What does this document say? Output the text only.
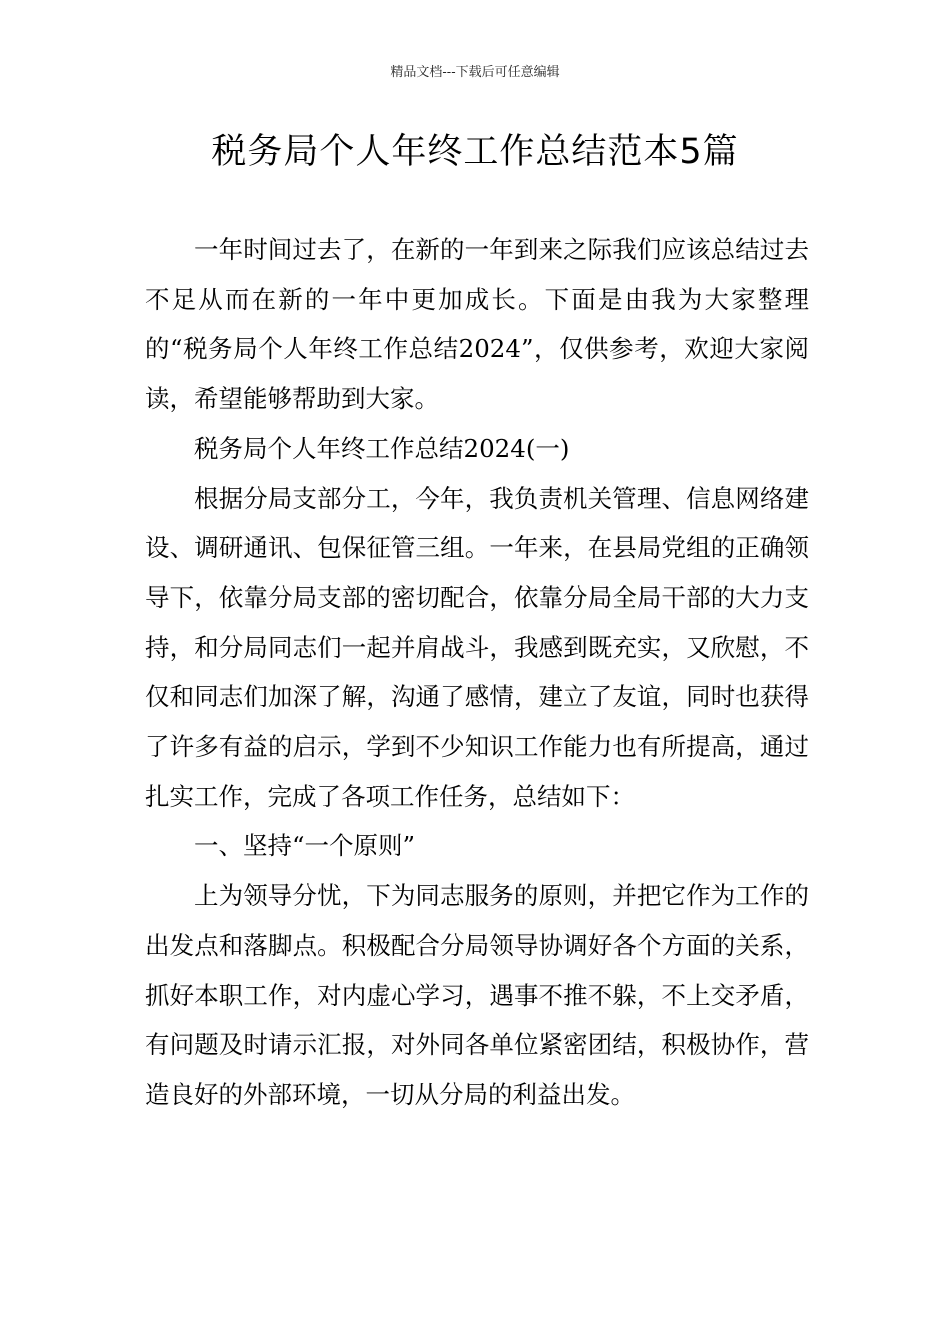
精品文档---下载后可任意编辑
税务局个人年终工作总结范本5篇

一年时间过去了，在新的一年到来之际我们应该总结过去不足从而在新的一年中更加成长。下面是由我为大家整理的“税务局个人年终工作总结2024”，仅供参考，欢迎大家阅读，希望能够帮助到大家。

税务局个人年终工作总结2024(一)

根据分局支部分工，今年，我负责机关管理、信息网络建设、调研通讯、包保征管三组。一年来，在县局党组的正确领导下，依靠分局支部的密切配合，依靠分局全局干部的大力支持，和分局同志们一起并肩战斗，我感到既充实，又欣慰，不仅和同志们加深了解，沟通了感情，建立了友谊，同时也获得了许多有益的启示，学到不少知识工作能力也有所提高，通过扎实工作，完成了各项工作任务，总结如下：

一、坚持“一个原则”

上为领导分忧，下为同志服务的原则，并把它作为工作的出发点和落脚点。积极配合分局领导协调好各个方面的关系，抓好本职工作，对内虚心学习，遇事不推不躲，不上交矛盾，有问题及时请示汇报，对外同各单位紧密团结，积极协作，营造良好的外部环境，一切从分局的利益出发。
